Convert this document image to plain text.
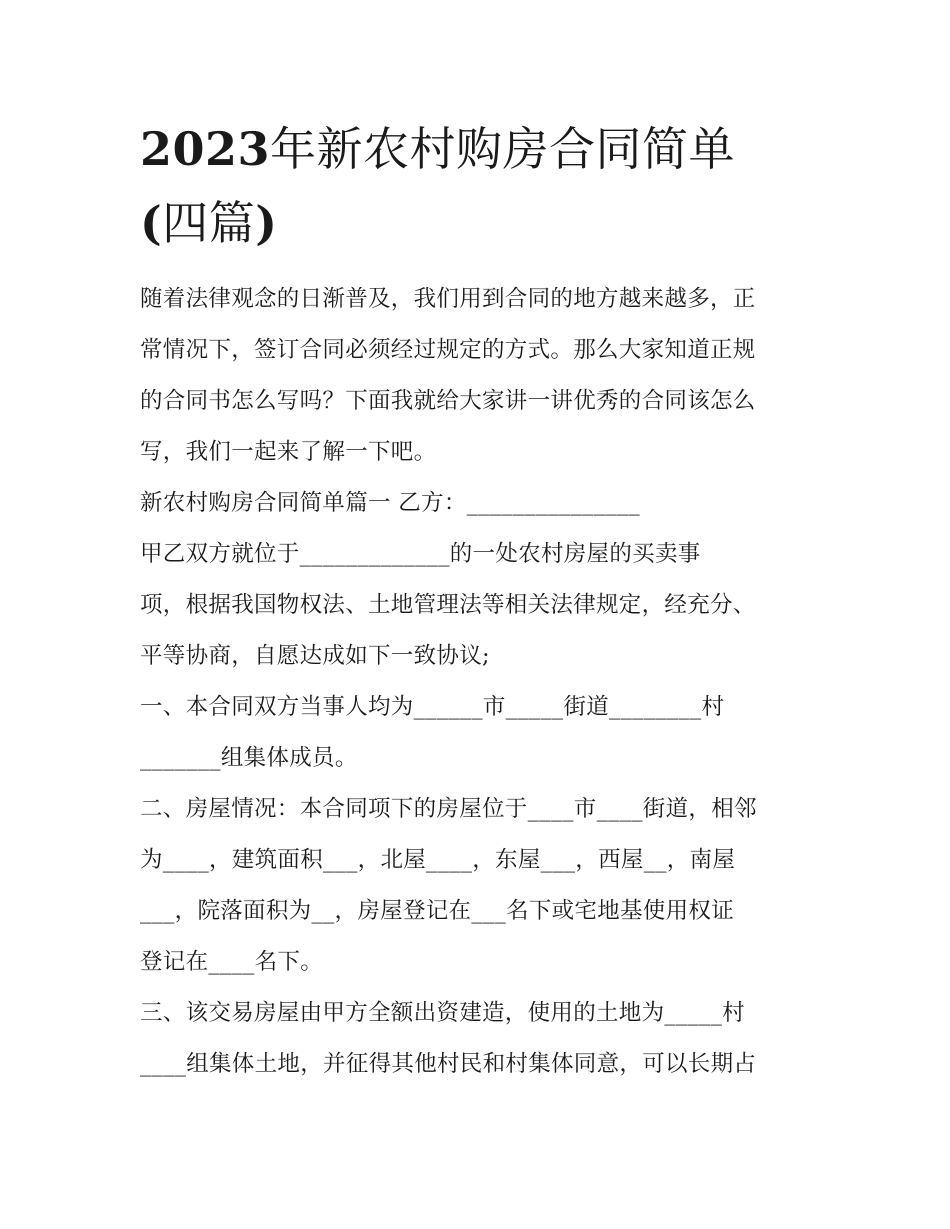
2023年新农村购房合同简单
(四篇)

随着法律观念的日渐普及，我们用到合同的地方越来越多，正

常情况下，签订合同必须经过规定的方式。那么大家知道正规

的合同书怎么写吗？下面我就给大家讲一讲优秀的合同该怎么

写，我们一起来了解一下吧。

新农村购房合同简单篇一 乙方：_______________

甲乙双方就位于_____________的一处农村房屋的买卖事

项，根据我国物权法、土地管理法等相关法律规定，经充分、

平等协商，自愿达成如下一致协议;

一、本合同双方当事人均为______市_____街道________村

_______组集体成员。

二、房屋情况：本合同项下的房屋位于____市____街道，相邻

为____，建筑面积___，北屋____，东屋___，西屋__，南屋

___，院落面积为__，房屋登记在___名下或宅地基使用权证

登记在____名下。

三、该交易房屋由甲方全额出资建造，使用的土地为_____村

____组集体土地，并征得其他村民和村集体同意，可以长期占
